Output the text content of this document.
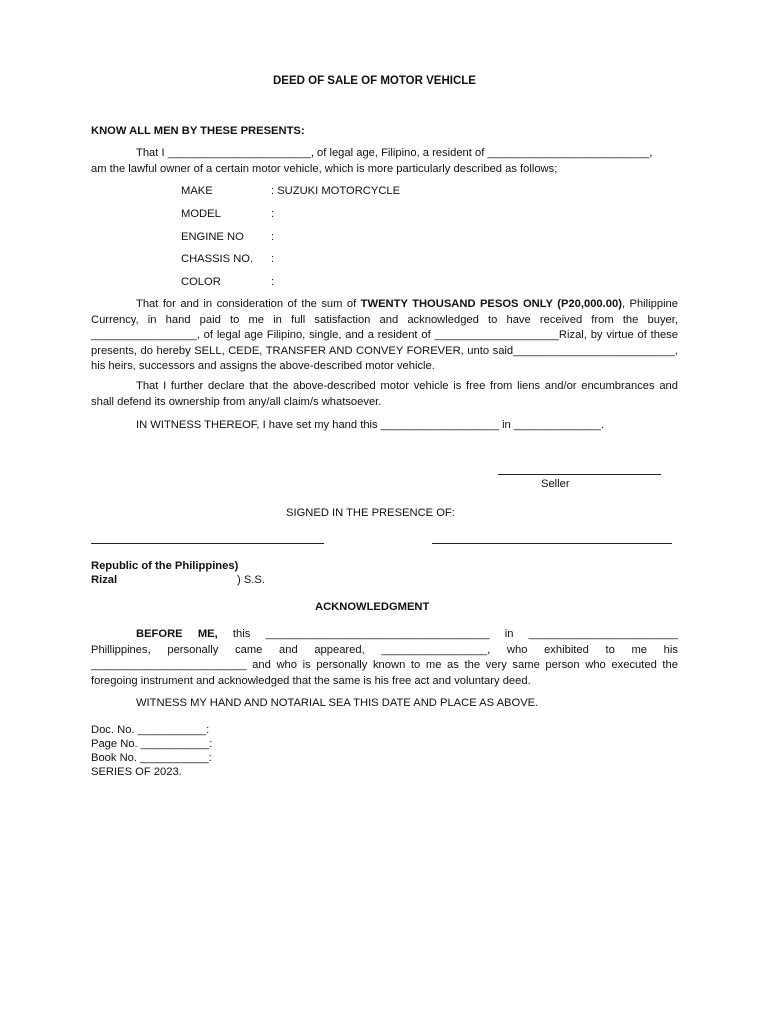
DEED OF SALE OF MOTOR VEHICLE
KNOW ALL MEN BY THESE PRESENTS:
That I _______________________, of legal age, Filipino, a resident of __________________________,
am the lawful owner of a certain motor vehicle, which is more particularly described as follows;
MAKE	: SUZUKI MOTORCYCLE
MODEL	:
ENGINE NO :
CHASSIS NO. :
COLOR	:

That for and in consideration of the sum of TWENTY THOUSAND PESOS ONLY (P20,000.00), Philippine Currency, in hand paid to me in full satisfaction and acknowledged to have received from the buyer, _________________, of legal age Filipino, single, and a resident of ____________________Rizal, by virtue of these presents, do hereby SELL, CEDE, TRANSFER AND CONVEY FOREVER, unto said__________________________, his heirs, successors and assigns the above-described motor vehicle.

That I further declare that the above-described motor vehicle is free from liens and/or encumbrances and shall defend its ownership from any/all claim/s whatsoever.

IN WITNESS THEREOF, I have set my hand this ___________________ in ______________.
Seller
SIGNED IN THE PRESENCE OF:
Republic of the Philippines)
Rizal	) S.S.
ACKNOWLEDGMENT

BEFORE ME, this ____________________________________ in ________________________ Phillippines, personally came and appeared, _________________, who exhibited to me his _________________________ and who is personally known to me as the very same person who executed the foregoing instrument and acknowledged that the same is his free act and voluntary deed.

WITNESS MY HAND AND NOTARIAL SEA THIS DATE AND PLACE AS ABOVE.
Doc. No. ___________:
Page No. ___________:
Book No. ___________:
SERIES OF 2023.
